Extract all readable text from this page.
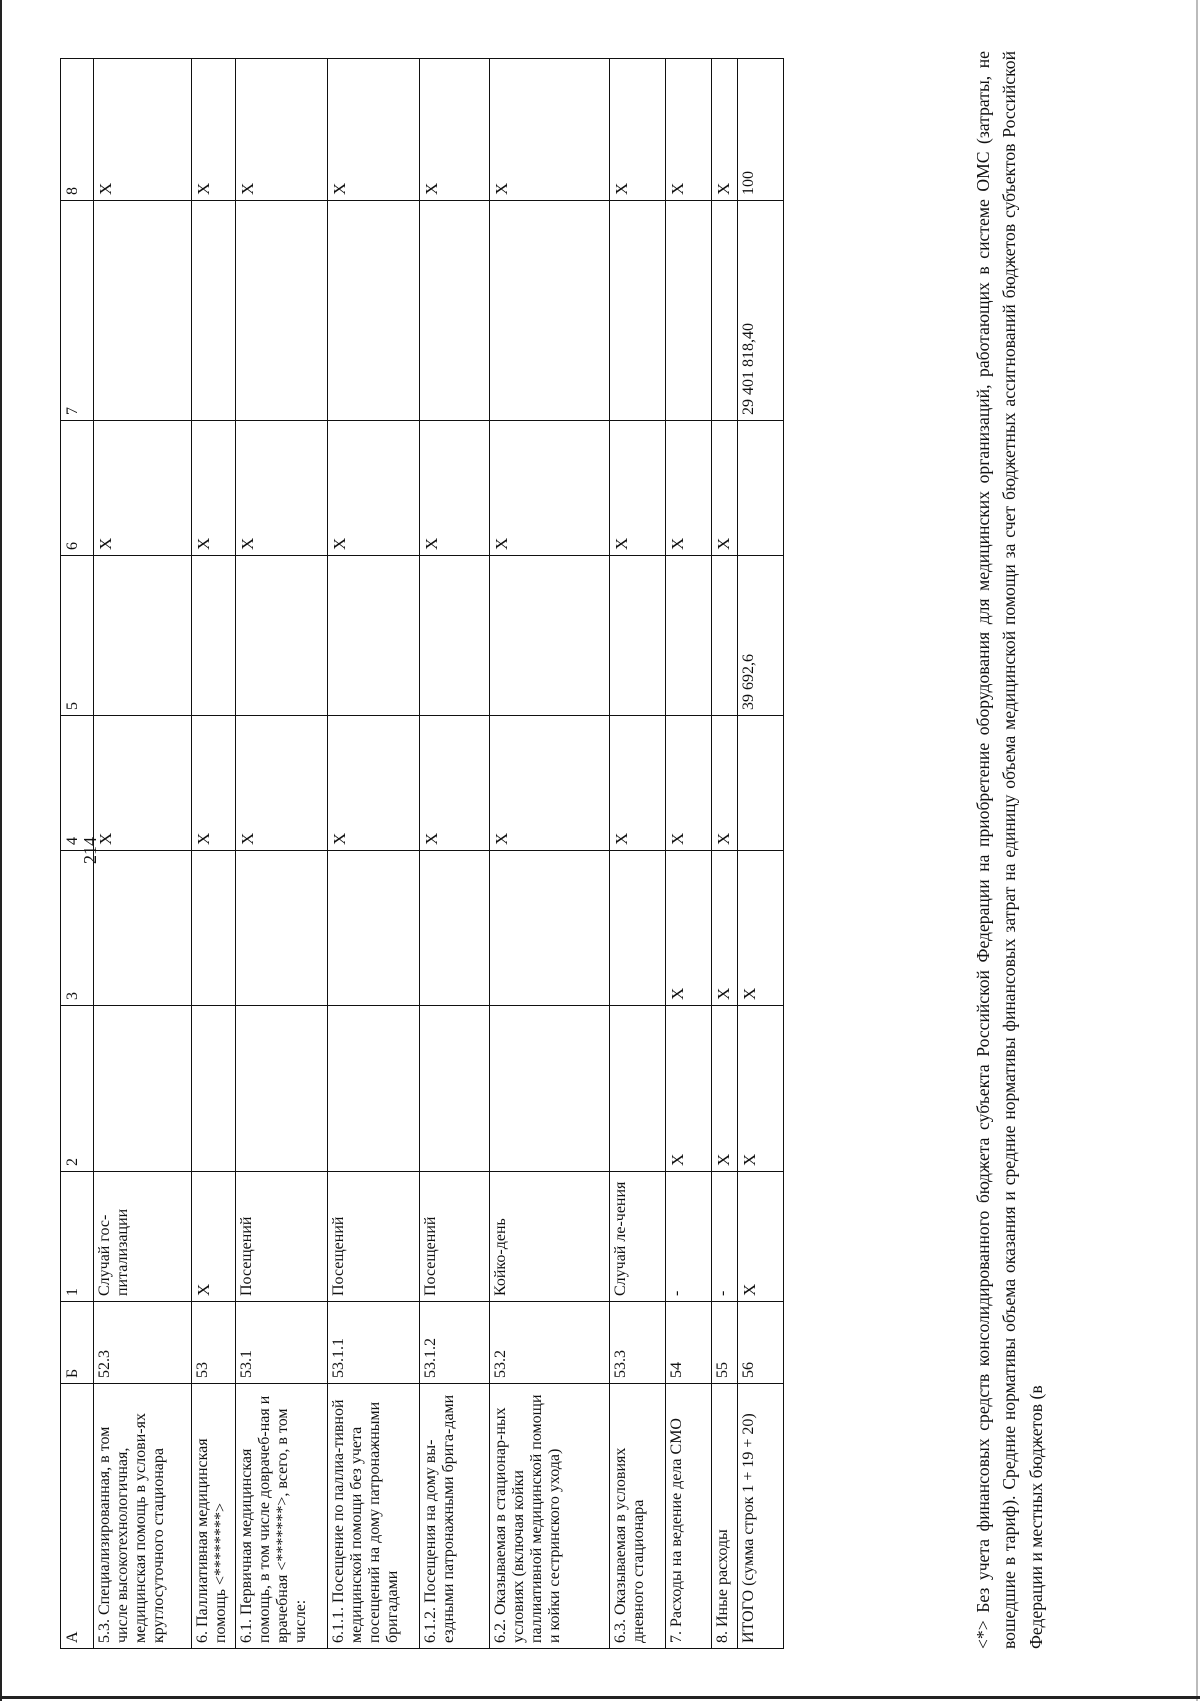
214
А	Б	1	2	3	4	5	6	7	8
5.3. Специализированная, в том числе высокотехнологичная, медицинская помощь в услови-ях круглосуточного стационара	52.3	Случай гос-питализации			X		X		X
6. Паллиативная медицинская помощь <********>	53	X			X		X		X
6.1. Первичная медицинская помощь, в том числе доврачеб-ная и врачебная <*******>, всего, в том числе:	53.1	Посещений			X		X		X
6.1.1. Посещение по паллиа-тивной медицинской помощи без учета посещений на дому патронажными бригадами	53.1.1	Посещений			X		X		X
6.1.2. Посещения на дому вы-ездными патронажными брига-дами	53.1.2	Посещений			X		X		X
6.2. Оказываемая в стационар-ных условиях (включая койки паллиативной медицинской помощи и койки сестринского ухода)	53.2	Койко-день			X		X		X
6.3. Оказываемая в условиях дневного стационара	53.3	Случай ле-чения			X		X		X
7. Расходы на ведение дела СМО	54	-	X	X	X		X		X
8. Иные расходы	55	-	X	X	X		X		X
ИТОГО (сумма строк 1 + 19 + 20)	56	X	X	X		39 692,6		29 401 818,40	100	<*> Без учета финансовых средств консолидированного бюджета субъекта Российской Федерации на приобретение оборудования для медицинских организаций, работающих в системе ОМС (затраты, не вошедшие в тариф). Средние нормативы объема оказания и средние нормативы финансовых затрат на единицу объема медицинской помощи за счет бюджетных ассигнований бюджетов субъектов Российской Федерации и местных бюджетов (в
